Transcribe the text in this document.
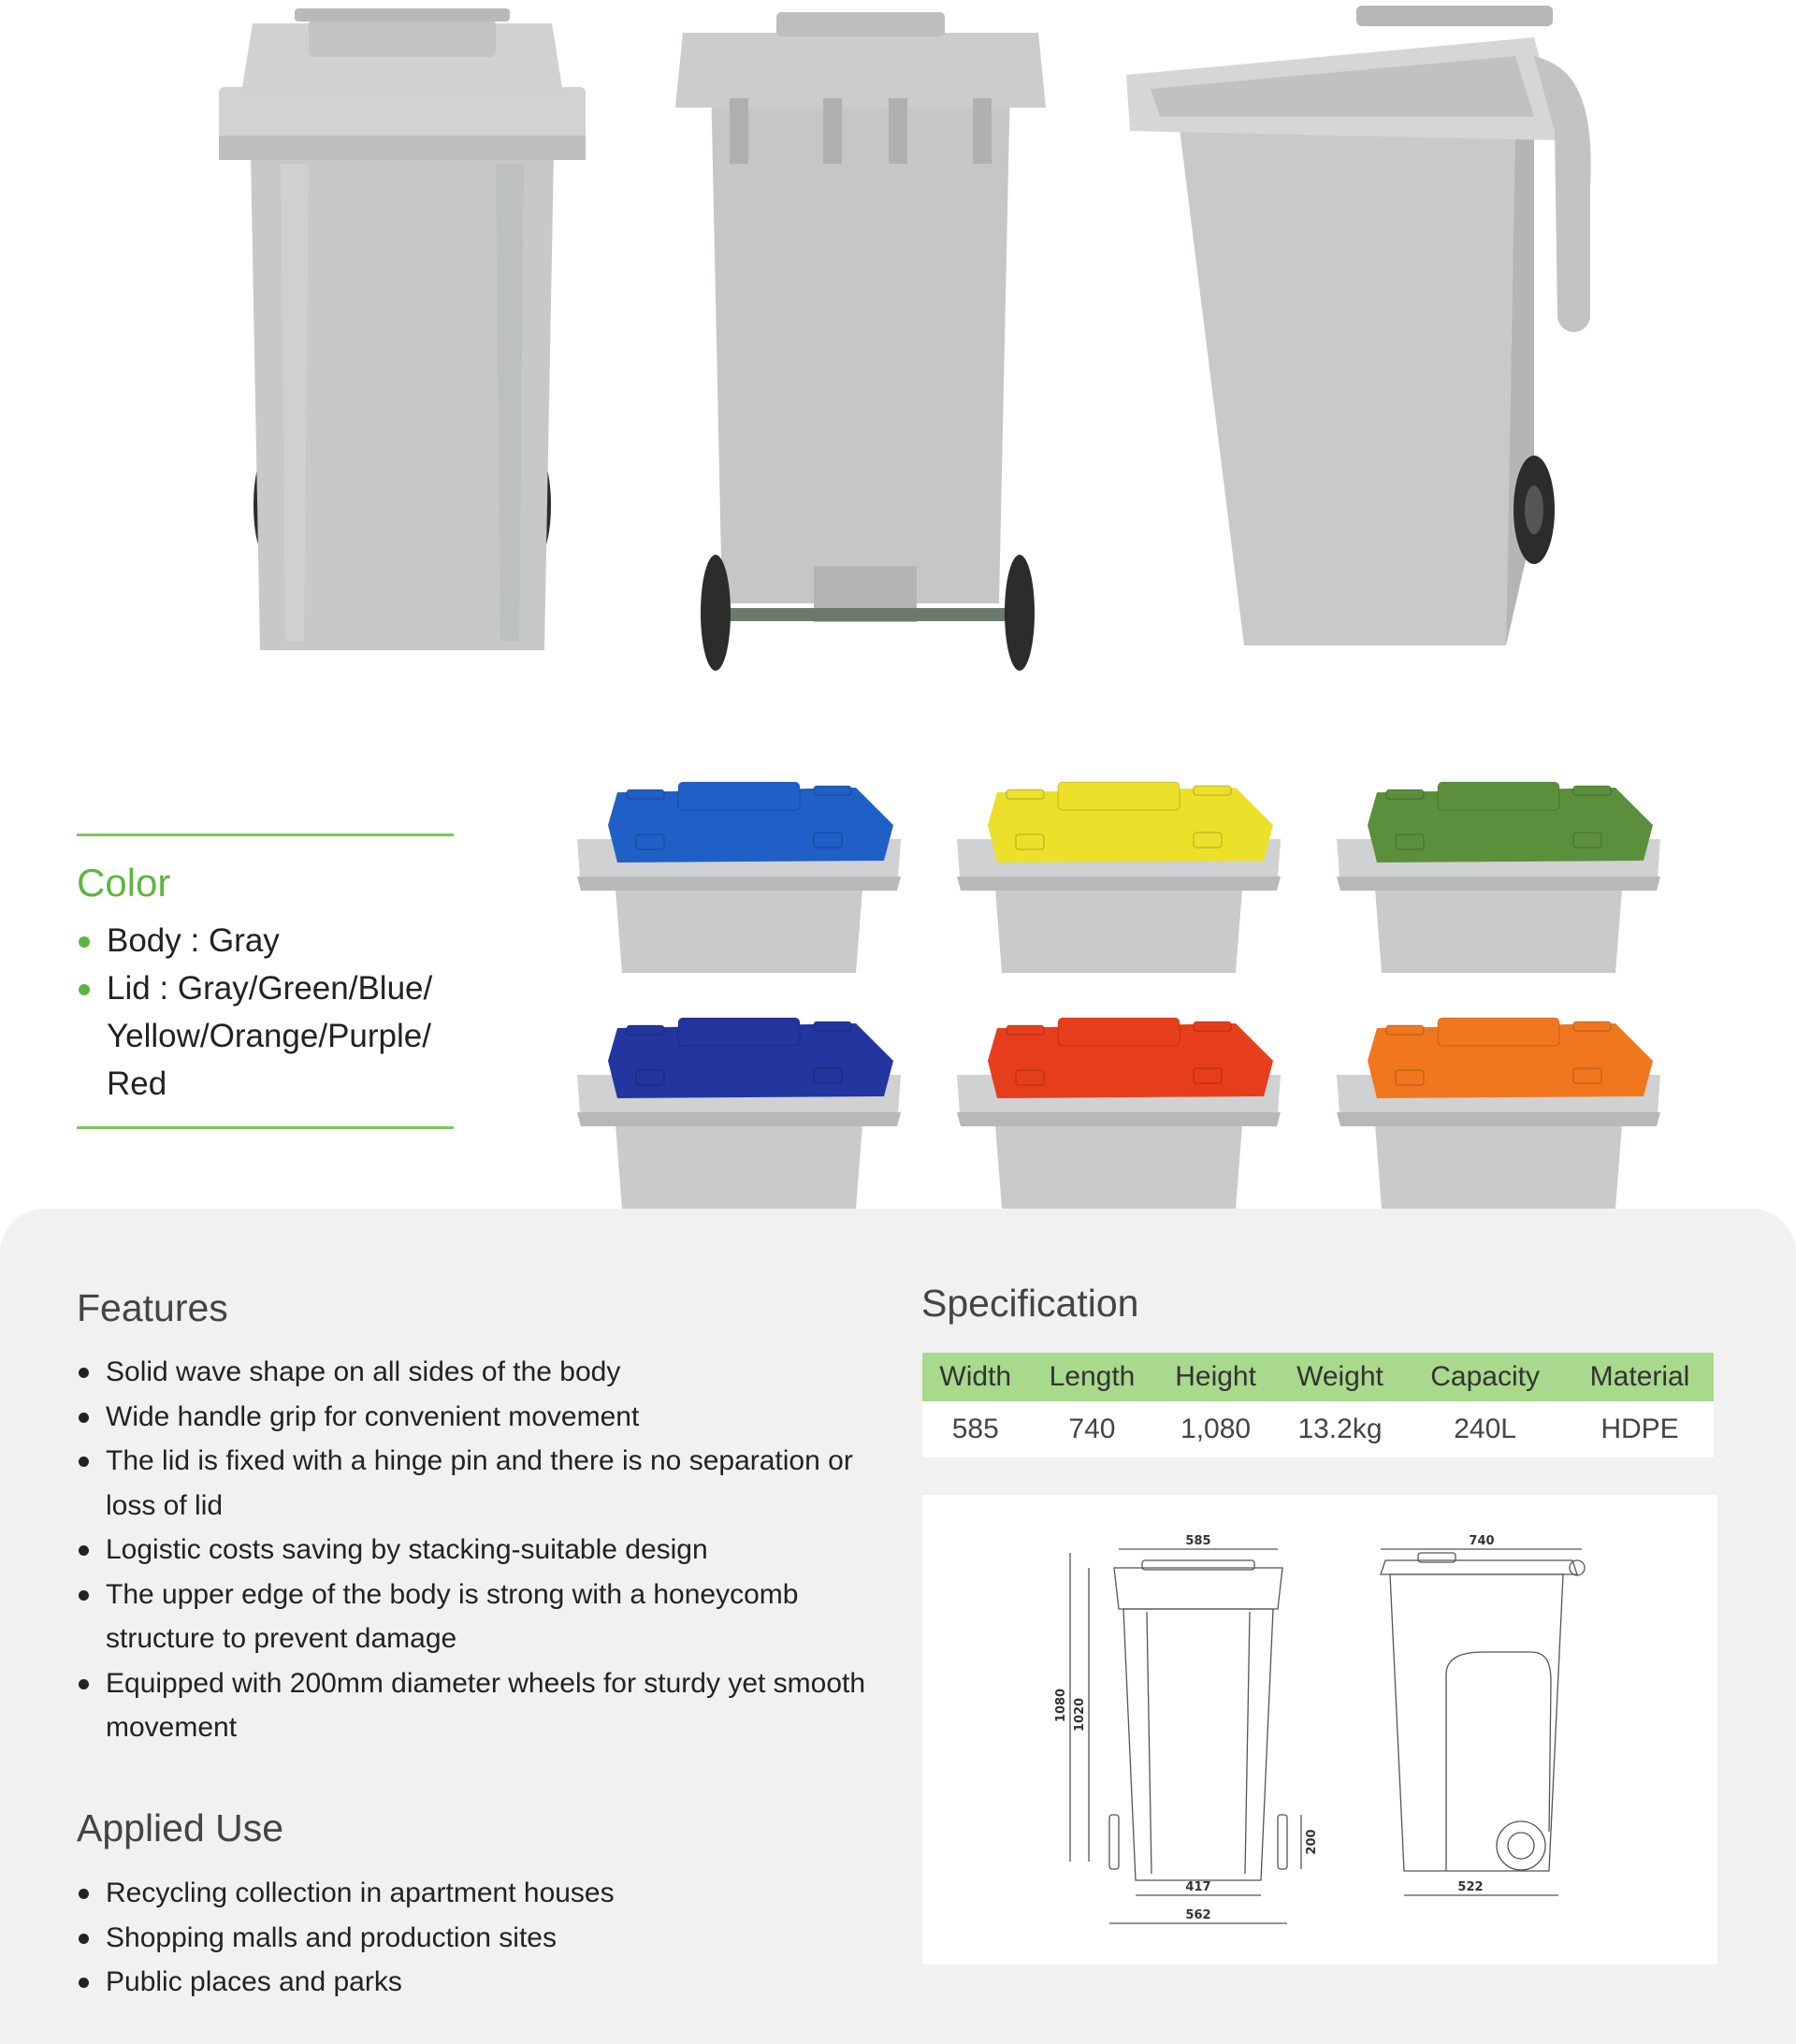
Color
Body : Gray
Lid : Gray/Green/Blue/
Yellow/Orange/Purple/
Red
Features
Solid wave shape on all sides of the body
Wide handle grip for convenient movement
The lid is fixed with a hinge pin and there is no separation or
loss of lid
Logistic costs saving by stacking-suitable design
The upper edge of the body is strong with a honeycomb
structure to prevent damage
Equipped with 200mm diameter wheels for sturdy yet smooth
movement
Applied Use
Recycling collection in apartment houses
Shopping malls and production sites
Public places and parks
Specification
Width	Length	Height	Weight	Capacity	Material
585	740	1,080	13.2kg	240L	HDPE
585
1080 1020
200
417
562
740
522
